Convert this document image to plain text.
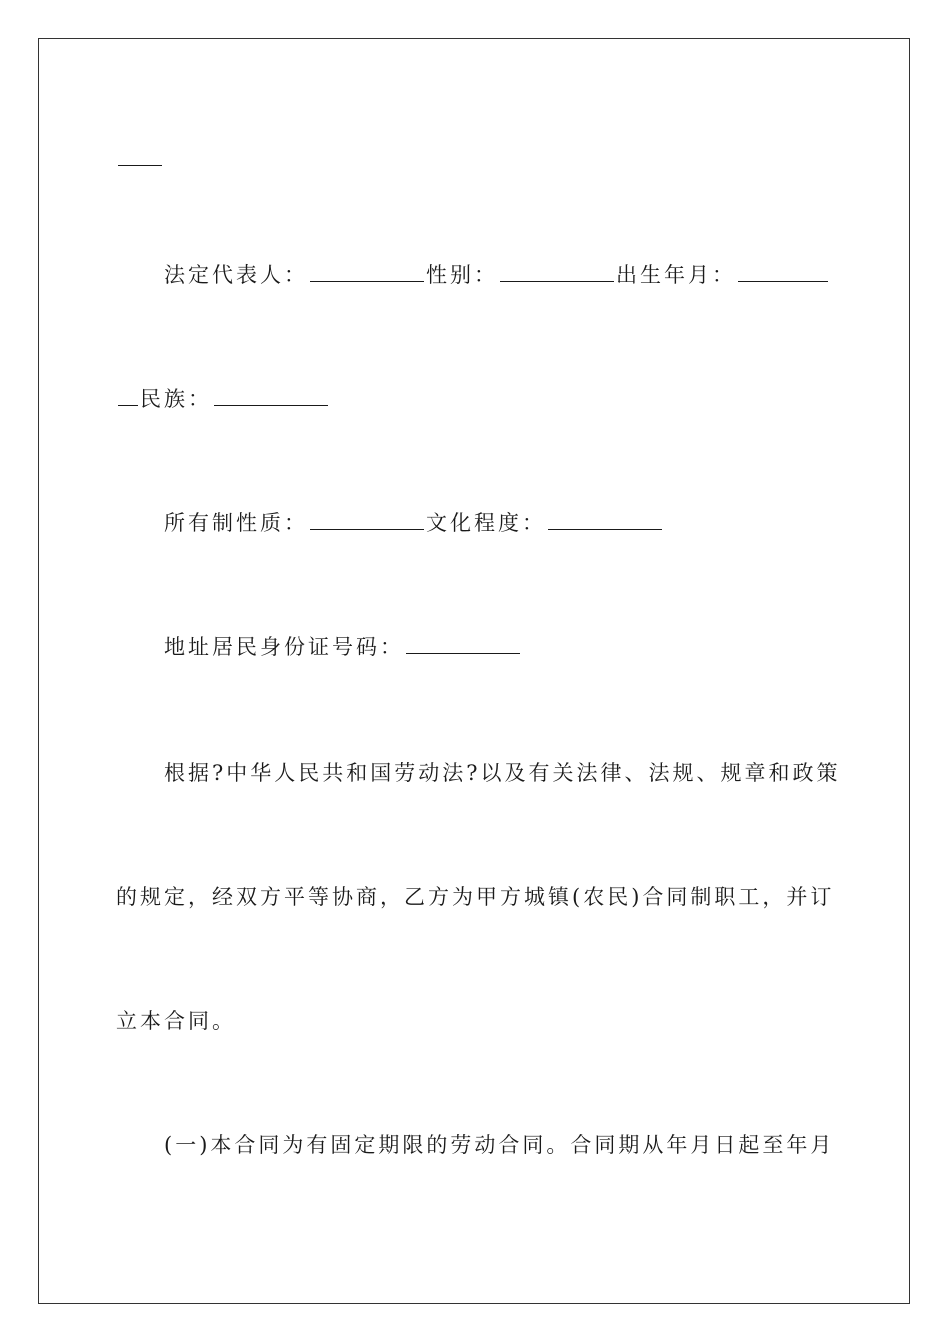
法定代表人：	性别：	出生年月：
民族：
所有制性质：	文化程度：
地址居民身份证号码：
根据?中华人民共和国劳动法?以及有关法律、法规、规章和政策
的规定，经双方平等协商，乙方为甲方城镇(农民)合同制职工，并订
立本合同。
(一)本合同为有固定期限的劳动合同。合同期从年月日起至年月
